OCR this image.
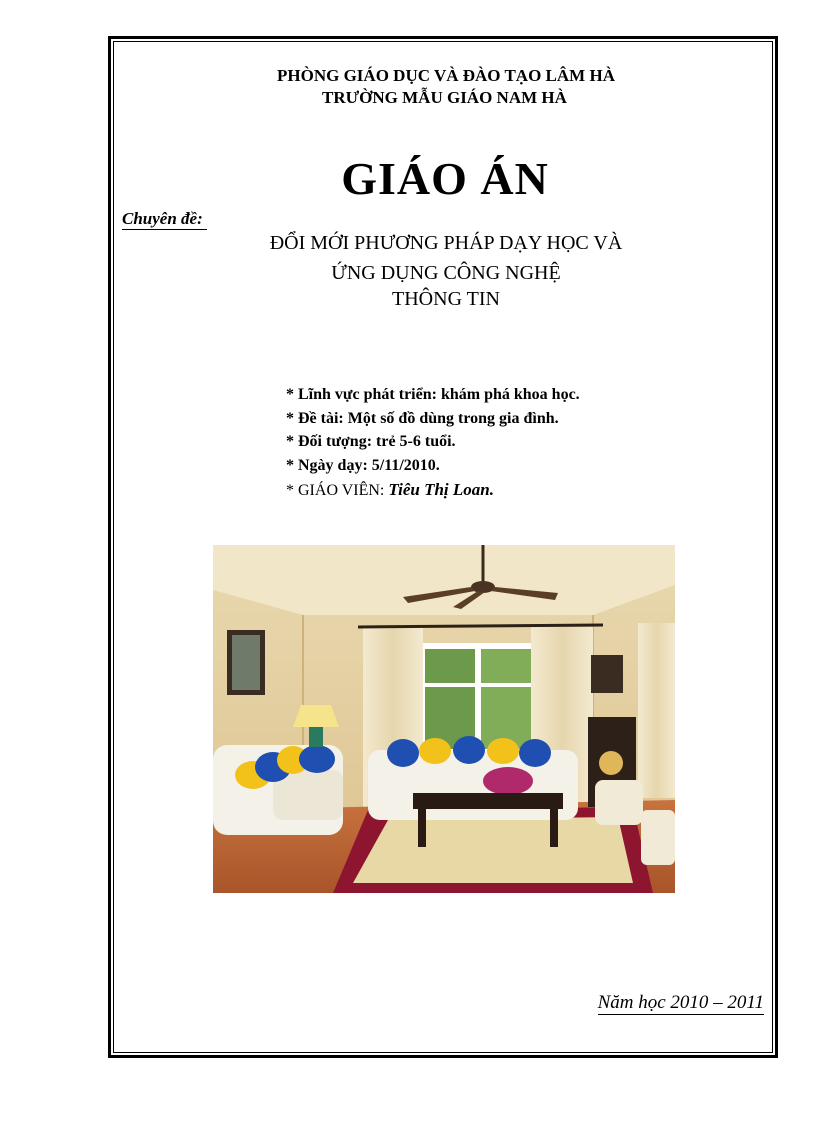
PHÒNG GIÁO DỤC VÀ ĐÀO TẠO LÂM HÀ
TRƯỜNG MẪU GIÁO NAM HÀ
GIÁO ÁN
Chuyên đề:
ĐỔI MỚI PHƯƠNG PHÁP DẠY HỌC VÀ
ỨNG DỤNG CÔNG NGHỆ
THÔNG TIN
* Lĩnh vực phát triển: khám phá khoa học.
* Đề tài: Một số đồ dùng trong gia đình.
* Đối tượng: trẻ 5-6 tuổi.
* Ngày dạy: 5/11/2010.
* GIÁO VIÊN: Tiêu Thị Loan.
Năm học 2010 – 2011
